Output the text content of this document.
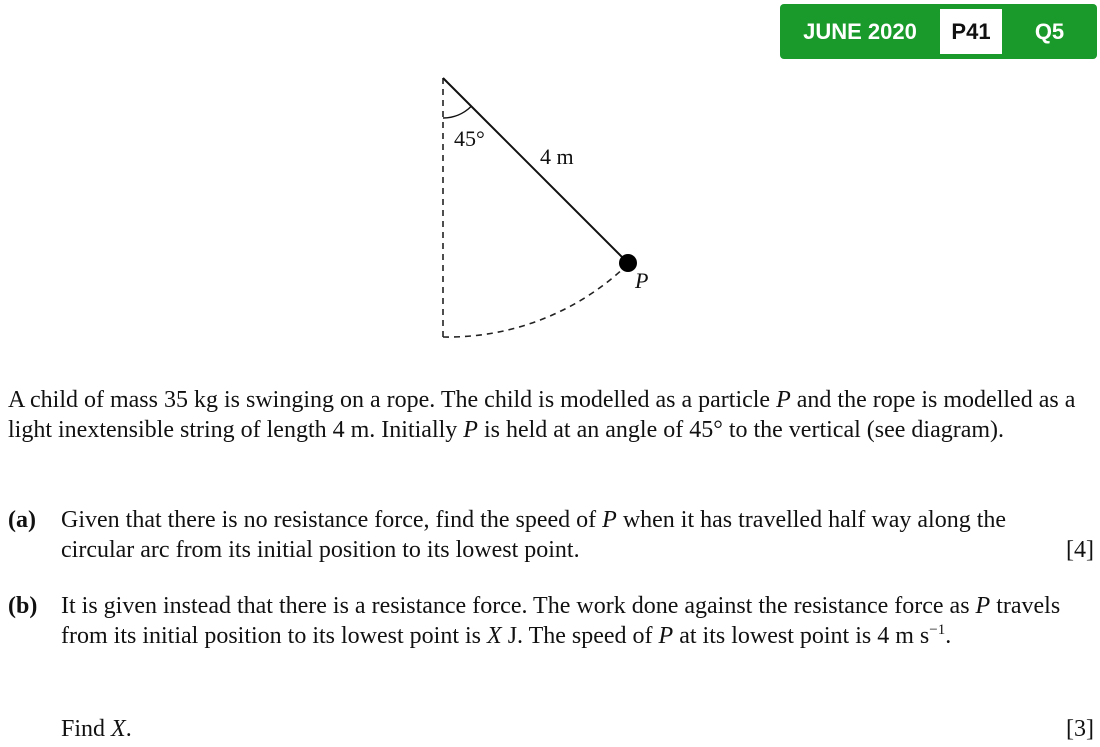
JUNE 2020	P41	Q5
45°
4 m
P
A child of mass 35 kg is swinging on a rope. The child is modelled as a particle P and the rope is modelled as a light inextensible string of length 4 m. Initially P is held at an angle of 45° to the vertical (see diagram).
(a) Given that there is no resistance force, find the speed of P when it has travelled half way along the circular arc from its initial position to its lowest point.	[4]
(b) It is given instead that there is a resistance force. The work done against the resistance force as P travels from its initial position to its lowest point is X J. The speed of P at its lowest point is 4 m $s^{-1}$.
Find X.	[3]
